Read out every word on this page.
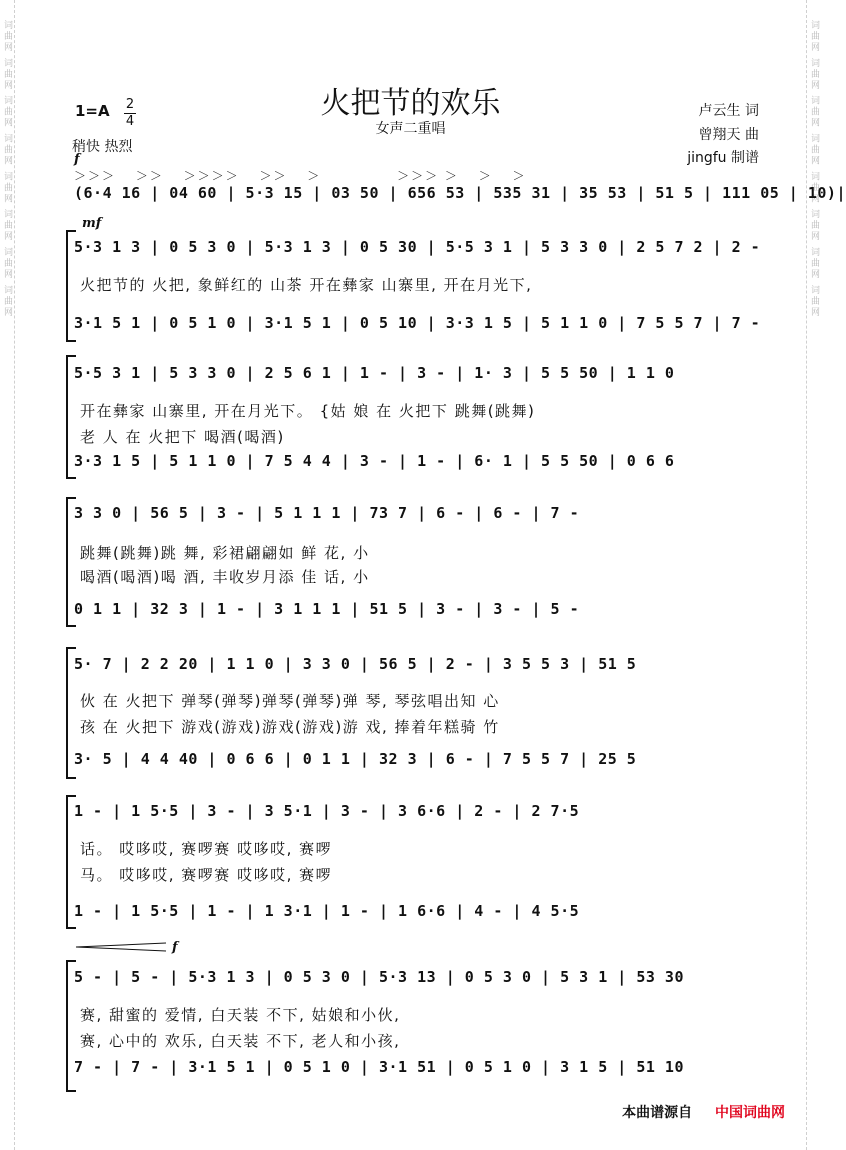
词曲网 词曲网 词曲网 词曲网 词曲网 词曲网 词曲网 词曲网	词曲网 词曲网 词曲网 词曲网 词曲网 词曲网 词曲网 词曲网
火把节的欢乐
女声二重唱
1=A 2
4
稍快 热烈
f
卢云生 词
曾翔天 曲
jingfu 制谱
＞＞＞　 ＞＞　 ＞＞＞＞　 ＞＞　 ＞　　　　　 ＞＞＞ ＞　 ＞　 ＞
(6·4 16 | 04 60 | 5·3 15 | 03 50 | 656 53 | 535 31 | 35 53 | 51 5 | 111 05 | 10)|
mf
5·3 1 3 | 0 5 3 0 | 5·3 1 3 | 0 5 30 | 5·5 3 1 | 5 3 3 0 | 2 5 7 2 | 2 -
火把节的 火把, 象鲜红的 山茶 开在彝家 山寨里, 开在月光下,
3·1 5 1 | 0 5 1 0 | 3·1 5 1 | 0 5 10 | 3·3 1 5 | 5 1 1 0 | 7 5 5 7 | 7 -
5·5 3 1 | 5 3 3 0 | 2 5 6 1 | 1 - | 3 - | 1· 3 | 5 5 50 | 1 1 0
开在彝家 山寨里, 开在月光下。 {姑 娘 在 火把下 跳舞(跳舞)
老 人 在 火把下 喝酒(喝酒)
3·3 1 5 | 5 1 1 0 | 7 5 4 4 | 3 - | 1 - | 6· 1 | 5 5 50 | 0 6 6
3 3 0 | 56 5 | 3 - | 5 1 1 1 | 73 7 | 6 - | 6 - | 7 -
跳舞(跳舞)跳 舞, 彩裙翩翩如 鲜 花, 小
喝酒(喝酒)喝 酒, 丰收岁月添 佳 话, 小
0 1 1 | 32 3 | 1 - | 3 1 1 1 | 51 5 | 3 - | 3 - | 5 -
5· 7 | 2 2 20 | 1 1 0 | 3 3 0 | 56 5 | 2 - | 3 5 5 3 | 51 5
伙 在 火把下 弹琴(弹琴)弹琴(弹琴)弹 琴, 琴弦唱出知 心
孩 在 火把下 游戏(游戏)游戏(游戏)游 戏, 捧着年糕骑 竹
3· 5 | 4 4 40 | 0 6 6 | 0 1 1 | 32 3 | 6 - | 7 5 5 7 | 25 5
1 - | 1 5·5 | 3 - | 3 5·1 | 3 - | 3 6·6 | 2 - | 2 7·5
话。 哎哆哎, 赛啰赛 哎哆哎, 赛啰
马。 哎哆哎, 赛啰赛 哎哆哎, 赛啰
1 - | 1 5·5 | 1 - | 1 3·1 | 1 - | 1 6·6 | 4 - | 4 5·5
f
5 - | 5 - | 5·3 1 3 | 0 5 3 0 | 5·3 13 | 0 5 3 0 | 5 3 1 | 53 30
赛, 甜蜜的 爱情, 白天装 不下, 姑娘和小伙,
赛, 心中的 欢乐, 白天装 不下, 老人和小孩,
7 - | 7 - | 3·1 5 1 | 0 5 1 0 | 3·1 51 | 0 5 1 0 | 3 1 5 | 51 10
本曲谱源自 中国词曲网
